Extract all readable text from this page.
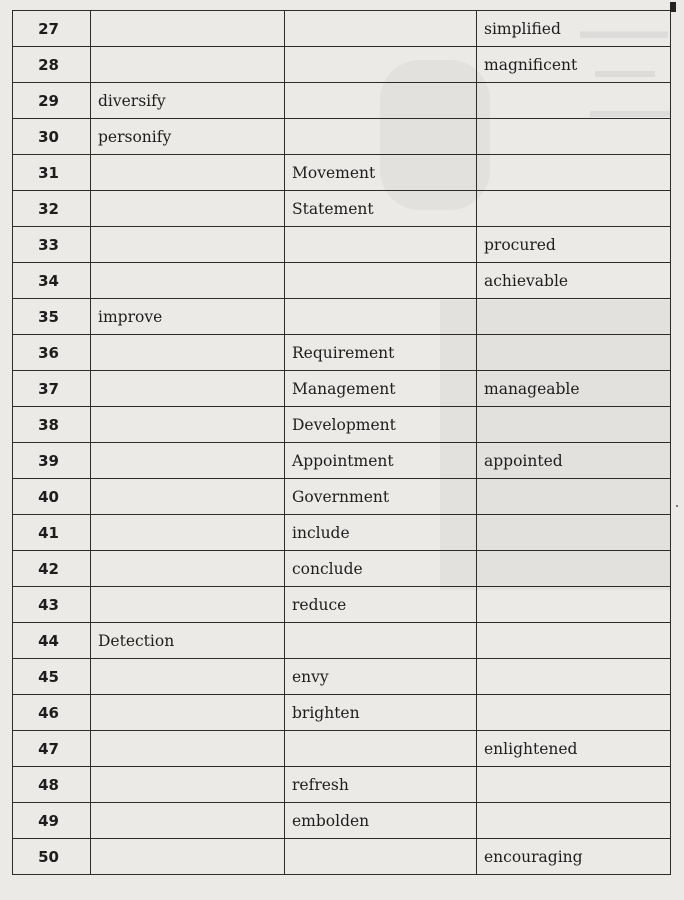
▬▬▬▬
▬▬▬
▬▬▬▬
27			simplified
28			magnificent
29	diversify		
30	personify		
31		Movement	
32		Statement	
33			procured
34			achievable
35	improve		
36		Requirement	
37		Management	manageable
38		Development	
39		Appointment	appointed
40		Government	
41		include	
42		conclude	
43		reduce	
44	Detection		
45		envy	
46		brighten	
47			enlightened
48		refresh	
49		embolden	
50			encouraging
